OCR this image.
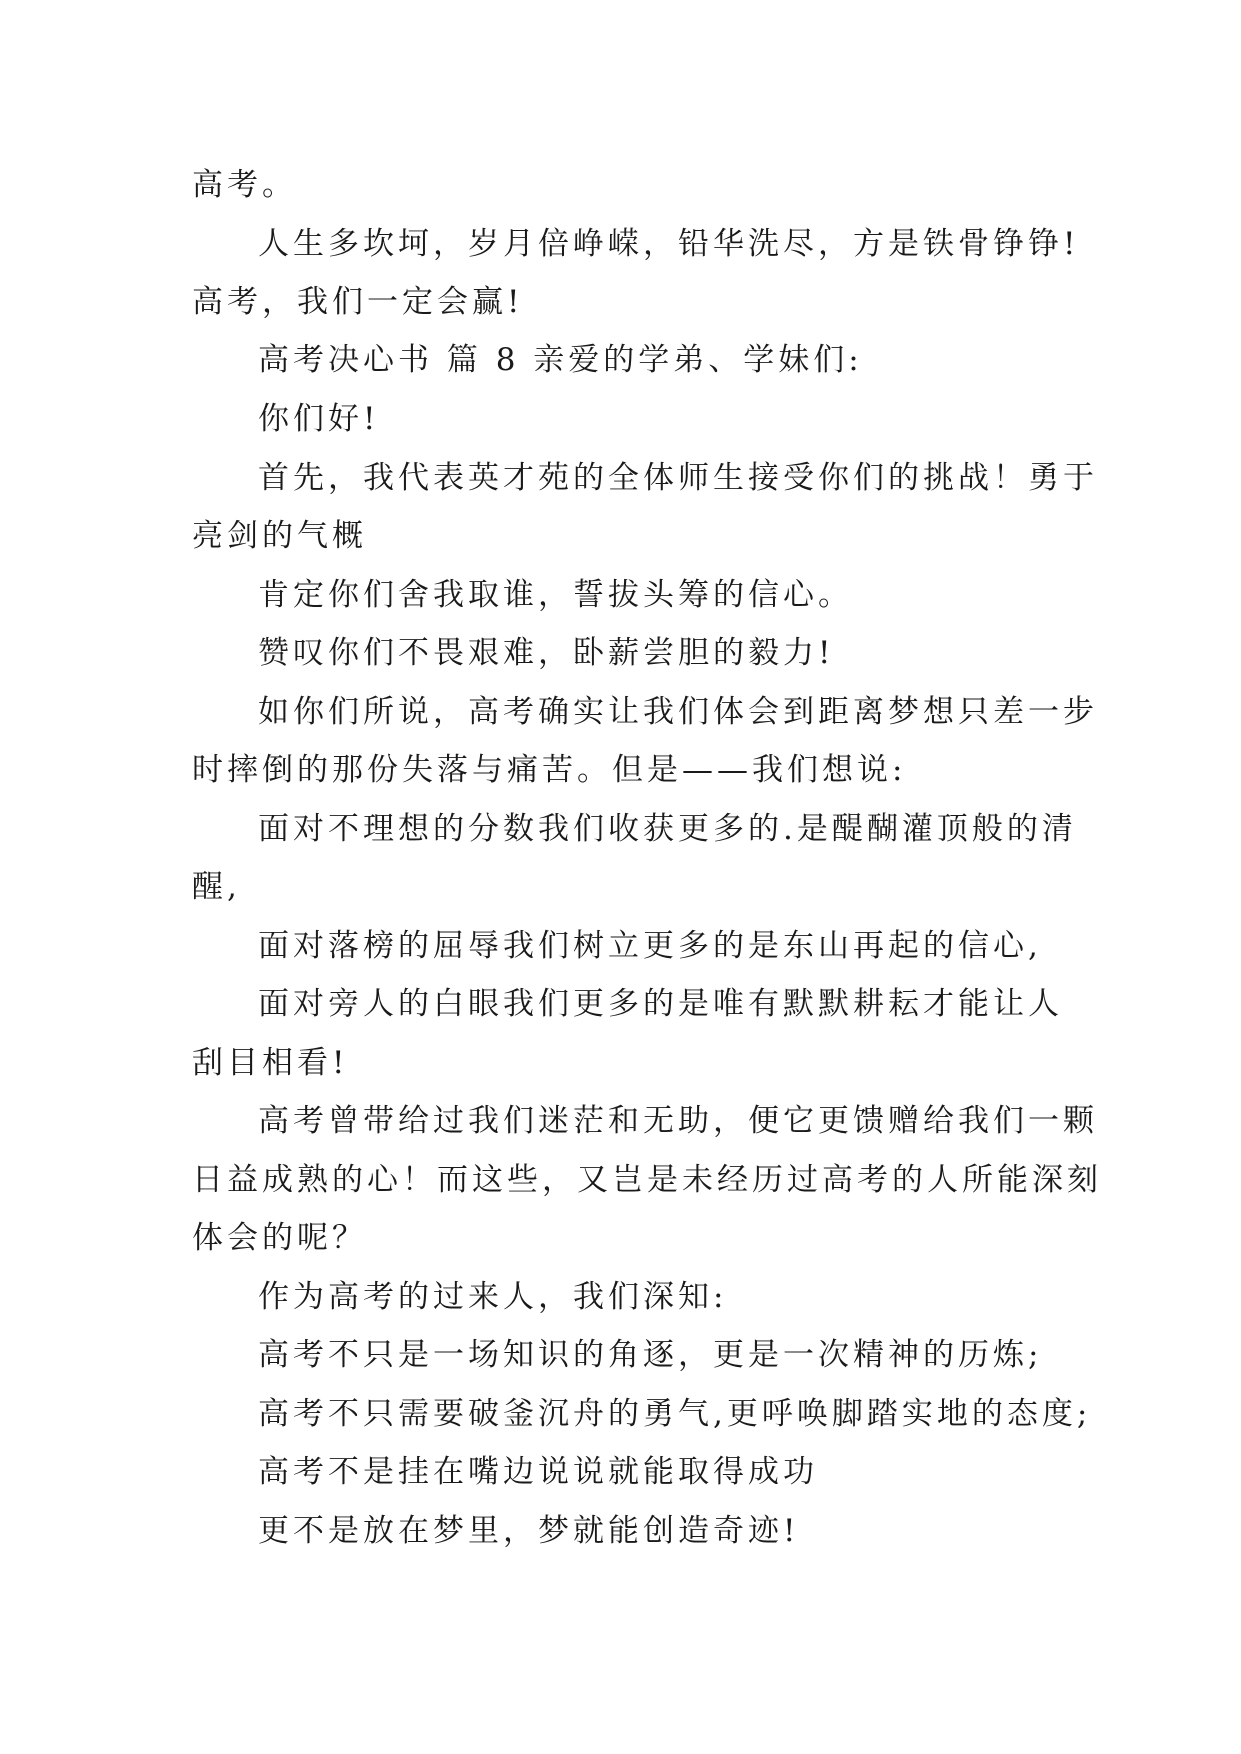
高考。
人生多坎坷，岁月倍峥嵘，铅华洗尽，方是铁骨铮铮!
高考，我们一定会赢!
高考决心书 篇 8 亲爱的学弟、学妹们:
你们好!
首先，我代表英才苑的全体师生接受你们的挑战！勇于
亮剑的气概
肯定你们舍我取谁，誓拔头筹的信心。
赞叹你们不畏艰难，卧薪尝胆的毅力!
如你们所说，高考确实让我们体会到距离梦想只差一步
时摔倒的那份失落与痛苦。但是——我们想说:
面对不理想的分数我们收获更多的.是醍醐灌顶般的清
醒,
面对落榜的屈辱我们树立更多的是东山再起的信心,
面对旁人的白眼我们更多的是唯有默默耕耘才能让人
刮目相看!
高考曾带给过我们迷茫和无助，便它更馈赠给我们一颗
日益成熟的心！而这些，又岂是未经历过高考的人所能深刻
体会的呢？
作为高考的过来人，我们深知:
高考不只是一场知识的角逐，更是一次精神的历炼;
高考不只需要破釜沉舟的勇气,更呼唤脚踏实地的态度;
高考不是挂在嘴边说说就能取得成功
更不是放在梦里，梦就能创造奇迹!
